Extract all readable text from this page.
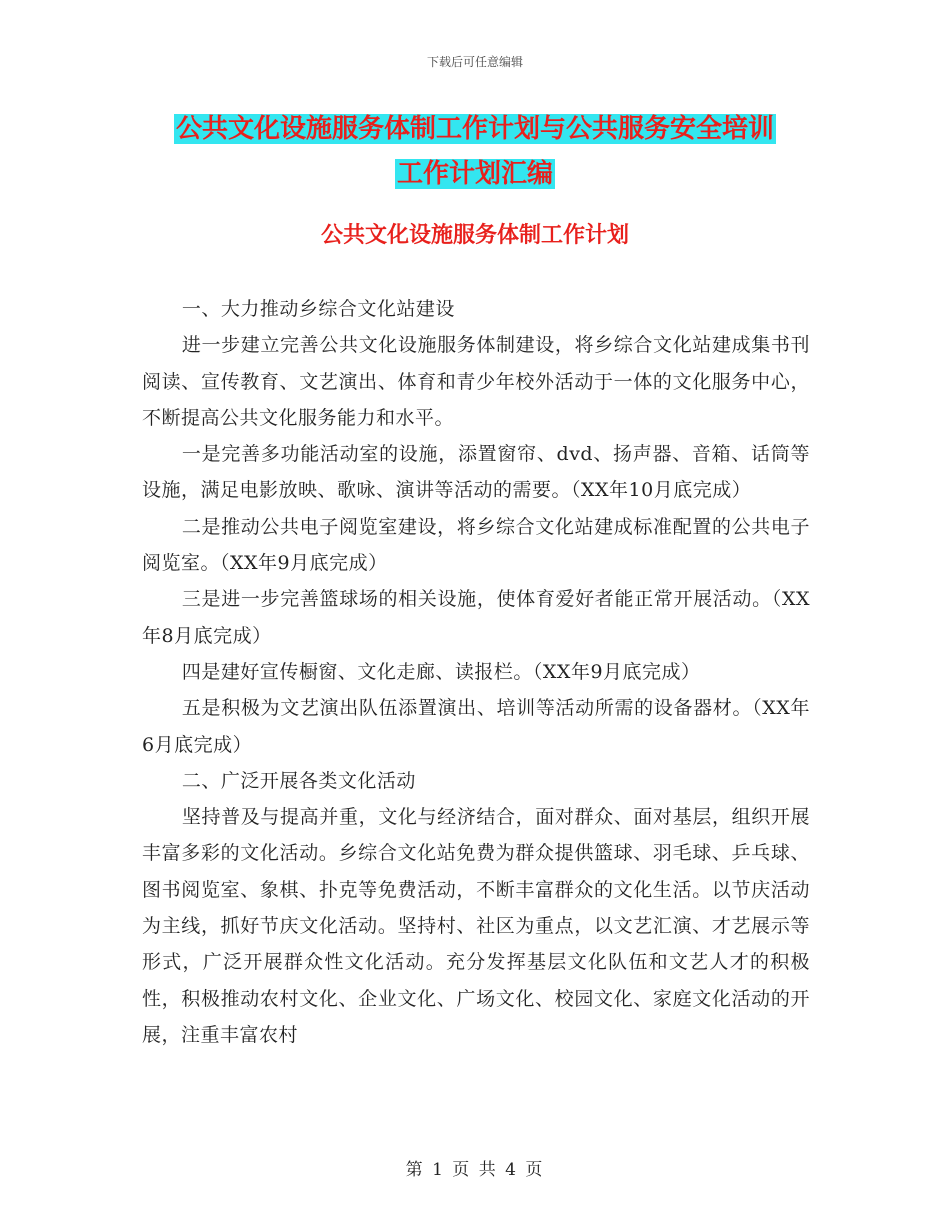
下载后可任意编辑
公共文化设施服务体制工作计划与公共服务安全培训
工作计划汇编
公共文化设施服务体制工作计划

一、大力推动乡综合文化站建设

进一步建立完善公共文化设施服务体制建设，将乡综合文化站建成集书刊阅读、宣传教育、文艺演出、体育和青少年校外活动于一体的文化服务中心，不断提高公共文化服务能力和水平。

一是完善多功能活动室的设施，添置窗帘、dvd、扬声器、音箱、话筒等设施，满足电影放映、歌咏、演讲等活动的需要。（XX年10月底完成）

二是推动公共电子阅览室建设，将乡综合文化站建成标准配置的公共电子阅览室。（XX年9月底完成）

三是进一步完善篮球场的相关设施，使体育爱好者能正常开展活动。（XX年8月底完成）

四是建好宣传橱窗、文化走廊、读报栏。（XX年9月底完成）

五是积极为文艺演出队伍添置演出、培训等活动所需的设备器材。（XX年6月底完成）

二、广泛开展各类文化活动

坚持普及与提高并重，文化与经济结合，面对群众、面对基层，组织开展丰富多彩的文化活动。乡综合文化站免费为群众提供篮球、羽毛球、乒乓球、图书阅览室、象棋、扑克等免费活动，不断丰富群众的文化生活。以节庆活动为主线，抓好节庆文化活动。坚持村、社区为重点，以文艺汇演、才艺展示等形式，广泛开展群众性文化活动。充分发挥基层文化队伍和文艺人才的积极性，积极推动农村文化、企业文化、广场文化、校园文化、家庭文化活动的开展，注重丰富农村

第 1 页 共 4 页
